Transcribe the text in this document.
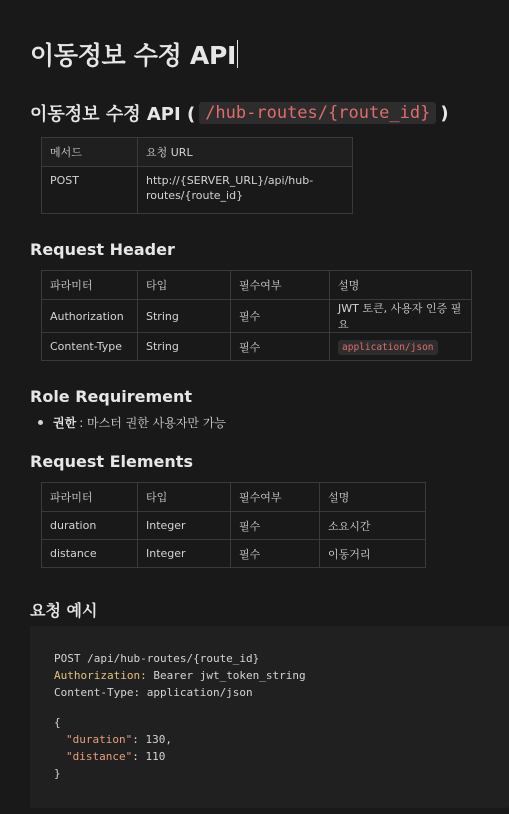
이동정보 수정 API
이동정보 수정 API ( /hub-routes/{route_id} )
메서드	요청 URL
POST	http://{SERVER_URL}/api/hub-routes/{route_id}
Request Header
파라미터	타입	필수여부	설명
Authorization	String	필수	JWT 토큰, 사용자 인증 필요
Content-Type	String	필수	application/json
Role Requirement
권한 : 마스터 권한 사용자만 가능
Request Elements
파라미터	타입	필수여부	설명
duration	Integer	필수	소요시간
distance	Integer	필수	이동거리
요청 예시
POST /api/hub-routes/{route_id}
Authorization: Bearer jwt_token_string
Content-Type: application/json
{
"duration": 130,
"distance": 110
}
